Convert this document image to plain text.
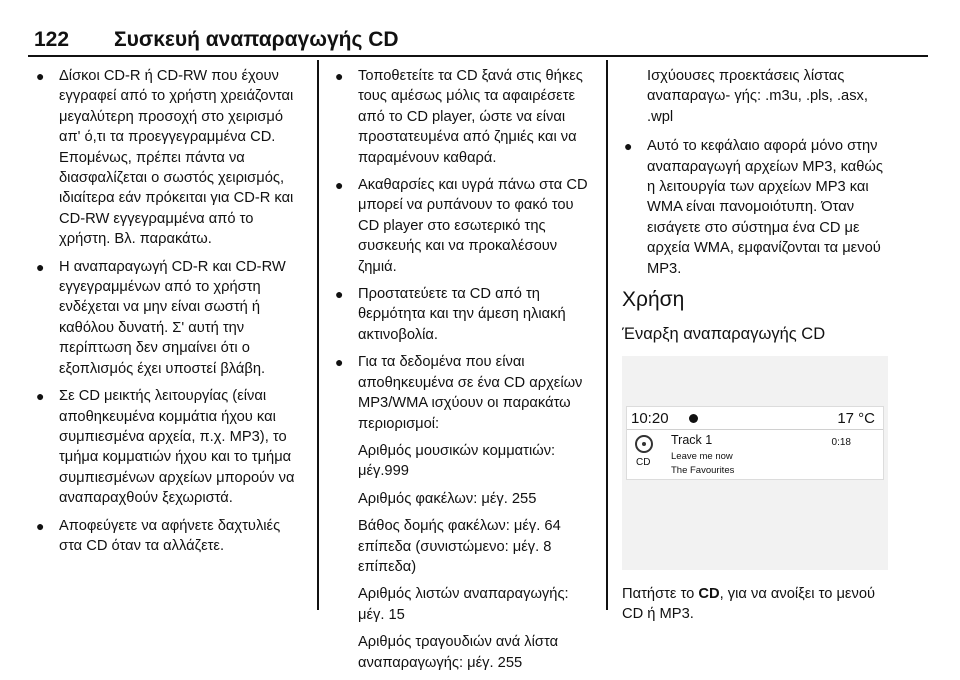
122 Συσκευή αναπαραγωγής CD
● Δίσκοι CD-R ή CD-RW που έχουν εγγραφεί από το χρήστη χρειάζονται μεγαλύτερη προσοχή στο χειρισμό απ' ό,τι τα προεγγεγραμμένα CD. Επομένως, πρέπει πάντα να διασφαλίζεται ο σωστός χειρισμός, ιδιαίτερα εάν πρόκειται για CD-R και CD-RW εγγεγραμμένα από το χρήστη. Βλ. παρακάτω.
● Η αναπαραγωγή CD-R και CD-RW εγγεγραμμένων από το χρήστη ενδέχεται να μην είναι σωστή ή καθόλου δυνατή. Σ' αυτή την περίπτωση δεν σημαίνει ότι ο εξοπλισμός έχει υποστεί βλάβη.
● Σε CD μεικτής λειτουργίας (είναι αποθηκευμένα κομμάτια ήχου και συμπιεσμένα αρχεία, π.χ. MP3), το τμήμα κομματιών ήχου και το τμήμα συμπιεσμένων αρχείων μπορούν να αναπαραχθούν ξεχωριστά.
● Αποφεύγετε να αφήνετε δαχτυλιές στα CD όταν τα αλλάζετε.
● Τοποθετείτε τα CD ξανά στις θήκες τους αμέσως μόλις τα αφαιρέσετε από το CD player, ώστε να είναι προστατευμένα από ζημιές και να παραμένουν καθαρά.
● Ακαθαρσίες και υγρά πάνω στα CD μπορεί να ρυπάνουν το φακό του CD player στο εσωτερικό της συσκευής και να προκαλέσουν ζημιά.
● Προστατεύετε τα CD από τη θερμότητα και την άμεση ηλιακή ακτινοβολία.
● Για τα δεδομένα που είναι αποθηκευμένα σε ένα CD αρχείων MP3/WMA ισχύουν οι παρακάτω περιορισμοί:
Αριθμός μουσικών κομματιών: μέγ.999
Αριθμός φακέλων: μέγ. 255
Βάθος δομής φακέλων: μέγ. 64 επίπεδα (συνιστώμενο: μέγ. 8 επίπεδα)
Αριθμός λιστών αναπαραγωγής: μέγ. 15
Αριθμός τραγουδιών ανά λίστα αναπαραγωγής: μέγ. 255

Ισχύουσες προεκτάσεις λίστας αναπαραγω- γής: .m3u, .pls, .asx, .wpl

● Αυτό το κεφάλαιο αφορά μόνο στην αναπαραγωγή αρχείων MP3, καθώς η λειτουργία των αρχείων MP3 και WMA είναι πανομοιότυπη. Όταν εισάγετε στο σύστημα ένα CD με αρχεία WMA, εμφανίζονται τα μενού MP3.
Χρήση
Έναρξη αναπαραγωγής CD
10:20	17 °C
CD
Track 1
Leave me now
The Favourites
0:18

Πατήστε το CD, για να ανοίξει το μενού CD ή MP3.
